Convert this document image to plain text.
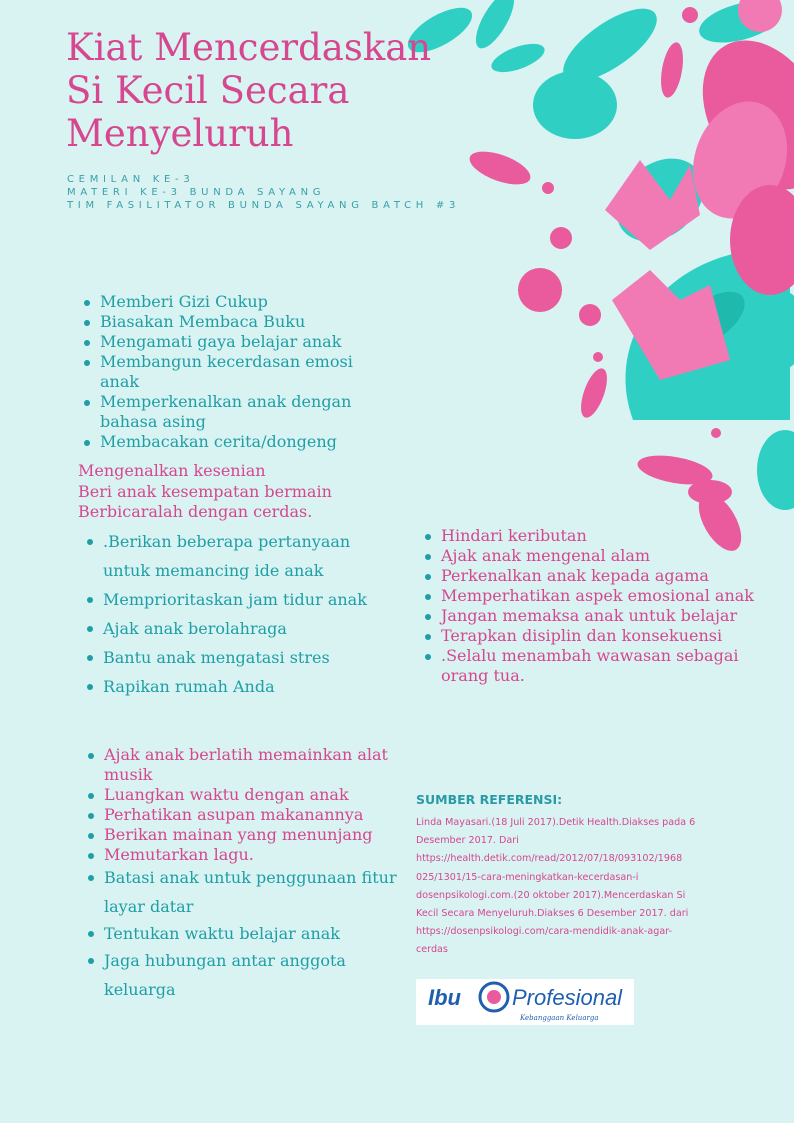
Kiat Mencerdaskan
Si Kecil Secara
Menyeluruh
CEMILAN KE-3
MATERI KE-3 BUNDA SAYANG
TIM FASILITATOR BUNDA SAYANG BATCH #3
Memberi Gizi Cukup
Biasakan Membaca Buku
Mengamati gaya belajar anak
Membangun kecerdasan emosi anak
Memperkenalkan anak dengan bahasa asing
Membacakan cerita/dongeng
Mengenalkan kesenian
Beri anak kesempatan bermain
Berbicaralah dengan cerdas.
.Berikan beberapa pertanyaan untuk memancing ide anak
Memprioritaskan jam tidur anak
Ajak anak berolahraga
Bantu anak mengatasi stres
Rapikan rumah Anda
Ajak anak berlatih memainkan alat musik
Luangkan waktu dengan anak
Perhatikan asupan makanannya
Berikan mainan yang menunjang
Memutarkan lagu.
Batasi anak untuk penggunaan fitur layar datar
Tentukan waktu belajar anak
Jaga hubungan antar anggota keluarga
Hindari keributan
Ajak anak mengenal alam
Perkenalkan anak kepada agama
Memperhatikan aspek emosional anak
Jangan memaksa anak untuk belajar
Terapkan disiplin dan konsekuensi
.Selalu menambah wawasan sebagai orang tua.
SUMBER REFERENSI:
Linda Mayasari.(18 Juli 2017).Detik Health.Diakses pada 6
Desember 2017. Dari
https://health.detik.com/read/2012/07/18/093102/1968
025/1301/15-cara-meningkatkan-kecerdasan-i
dosenpsikologi.com.(20 oktober 2017).Mencerdaskan Si
Kecil Secara Menyeluruh.Diakses 6 Desember 2017. dari
https://dosenpsikologi.com/cara-mendidik-anak-agar-
cerdas
Ibu Profesional
Kebanggaan Keluarga
